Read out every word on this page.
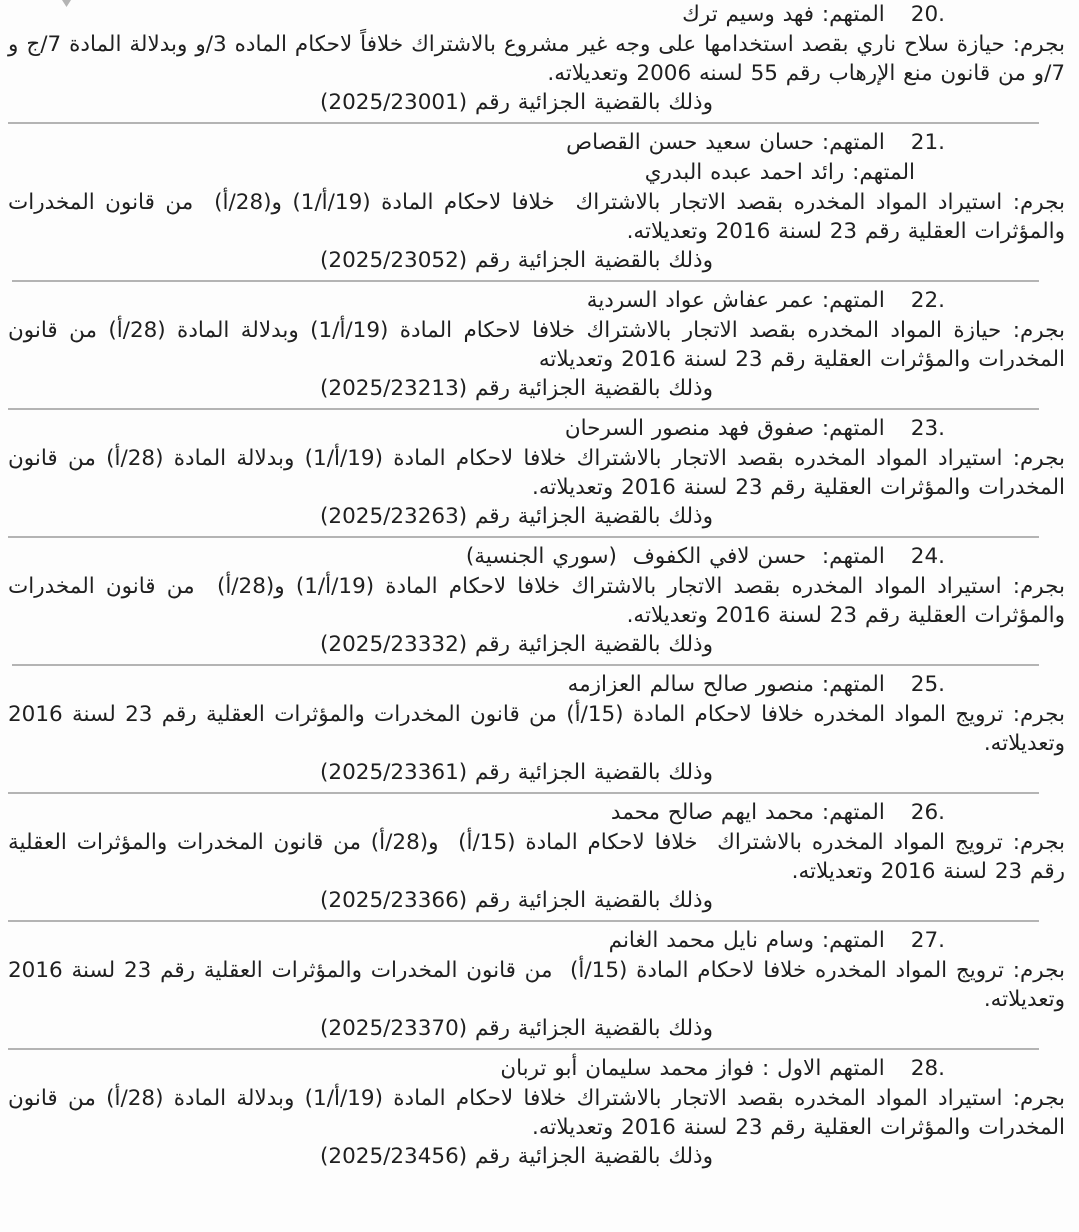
20.المتهم: فهد وسيم ترك
بجرم: حيازة سلاح ناري بقصد استخدامها على وجه غير مشروع بالاشتراك خلافاً لاحكام الماده 3/و وبدلالة المادة 7/ج و 7/و من قانون منع الإرهاب رقم 55 لسنه 2006 وتعديلاته.
وذلك بالقضية الجزائية رقم (2025/23001)
21.المتهم: حسان سعيد حسن القصاص
المتهم: رائد احمد عبده البدري
بجرم: استيراد المواد المخدره بقصد الاتجار بالاشتراك  خلافا لاحكام المادة (19/أ/1) و(28/أ)  من قانون المخدرات والمؤثرات العقلية رقم 23 لسنة 2016 وتعديلاته.
وذلك بالقضية الجزائية رقم (2025/23052)
22.المتهم: عمر عفاش عواد السردية
بجرم: حيازة المواد المخدره بقصد الاتجار بالاشتراك خلافا لاحكام المادة (19/أ/1) وبدلالة المادة (28/أ) من قانون المخدرات والمؤثرات العقلية رقم 23 لسنة 2016 وتعديلاته
وذلك بالقضية الجزائية رقم (2025/23213)
23.المتهم: صفوق فهد منصور السرحان
بجرم: استيراد المواد المخدره بقصد الاتجار بالاشتراك خلافا لاحكام المادة (19/أ/1) وبدلالة المادة (28/أ) من قانون المخدرات والمؤثرات العقلية رقم 23 لسنة 2016 وتعديلاته.
وذلك بالقضية الجزائية رقم (2025/23263)
24.المتهم:  حسن لافي الكفوف  (سوري الجنسية)
بجرم: استيراد المواد المخدره بقصد الاتجار بالاشتراك خلافا لاحكام المادة (19/أ/1) و(28/أ)  من قانون المخدرات والمؤثرات العقلية رقم 23 لسنة 2016 وتعديلاته.
وذلك بالقضية الجزائية رقم (2025/23332)
25.المتهم: منصور صالح سالم العزازمه
بجرم: ترويج المواد المخدره خلافا لاحكام المادة (15/أ) من قانون المخدرات والمؤثرات العقلية رقم 23 لسنة 2016 وتعديلاته.
وذلك بالقضية الجزائية رقم (2025/23361)
26.المتهم: محمد ايهم صالح محمد
بجرم: ترويج المواد المخدره بالاشتراك  خلافا لاحكام المادة (15/أ)  و(28/أ) من قانون المخدرات والمؤثرات العقلية رقم 23 لسنة 2016 وتعديلاته.
وذلك بالقضية الجزائية رقم (2025/23366)
27.المتهم: وسام نايل محمد الغانم
بجرم: ترويج المواد المخدره خلافا لاحكام المادة (15/أ)  من قانون المخدرات والمؤثرات العقلية رقم 23 لسنة 2016 وتعديلاته.
وذلك بالقضية الجزائية رقم (2025/23370)
28.المتهم الاول : فواز محمد سليمان أبو تربان
بجرم: استيراد المواد المخدره بقصد الاتجار بالاشتراك خلافا لاحكام المادة (19/أ/1) وبدلالة المادة (28/أ) من قانون المخدرات والمؤثرات العقلية رقم 23 لسنة 2016 وتعديلاته.
وذلك بالقضية الجزائية رقم (2025/23456)
